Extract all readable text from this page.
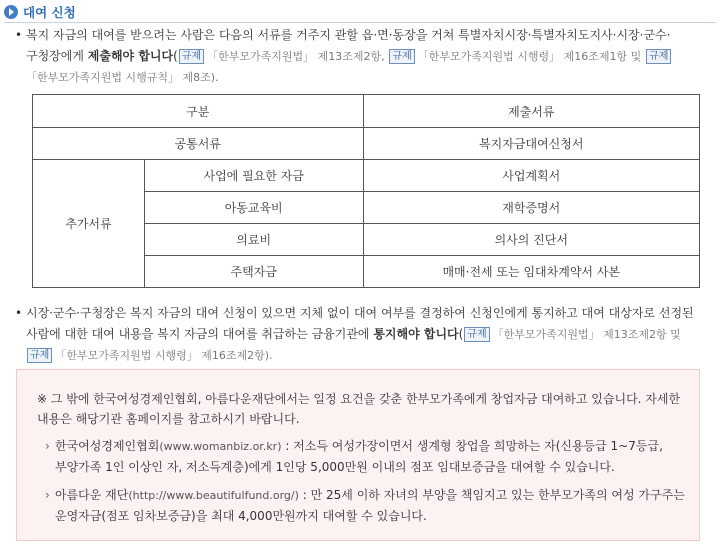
대여 신청
• 복지 자금의 대여를 받으려는 사람은 다음의 서류를 거주지 관할 읍·면·동장을 거쳐 특별자치시장·특별자치도지사·시장·군수·구청장에게 제출해야 합니다( 규제 「한부모가족지원법」 제13조제2항, 규제 「한부모가족지원법 시행령」 제16조제1항 및 규제「한부모가족지원법 시행규칙」 제8조).
구분		제출서류
공통서류		복지자금대여신청서
추가서류	사업에 필요한 자금	사업계획서
	아동교육비	재학증명서
	의료비	의사의 진단서
	주택자금	매매·전세 또는 임대차계약서 사본
• 시장·군수·구청장은 복지 자금의 대여 신청이 있으면 지체 없이 대여 여부를 결정하여 신청인에게 통지하고 대여 대상자로 선정된 사람에 대한 대여 내용을 복지 자금의 대여를 취급하는 금융기관에 통지해야 합니다( 규제 「한부모가족지원법」 제13조제2항 및 규제 「한부모가족지원법 시행령」 제16조제2항).
※ 그 밖에 한국여성경제인협회, 아름다운재단에서는 일정 요건을 갖춘 한부모가족에게 창업자금 대여하고 있습니다. 자세한 내용은 해당기관 홈페이지를 참고하시기 바랍니다.
› 한국여성경제인협회(www.womanbiz.or.kr) : 저소득 여성가장이면서 생계형 창업을 희망하는 자(신용등급 1~7등급, 부양가족 1인 이상인 자, 저소득계층)에게 1인당 5,000만원 이내의 점포 임대보증금을 대여할 수 있습니다.
› 아름다운 재단(http://www.beautifulfund.org/) : 만 25세 이하 자녀의 부양을 책임지고 있는 한부모가족의 여성 가구주는 운영자금(점포 임차보증금)을 최대 4,000만원까지 대여할 수 있습니다.
